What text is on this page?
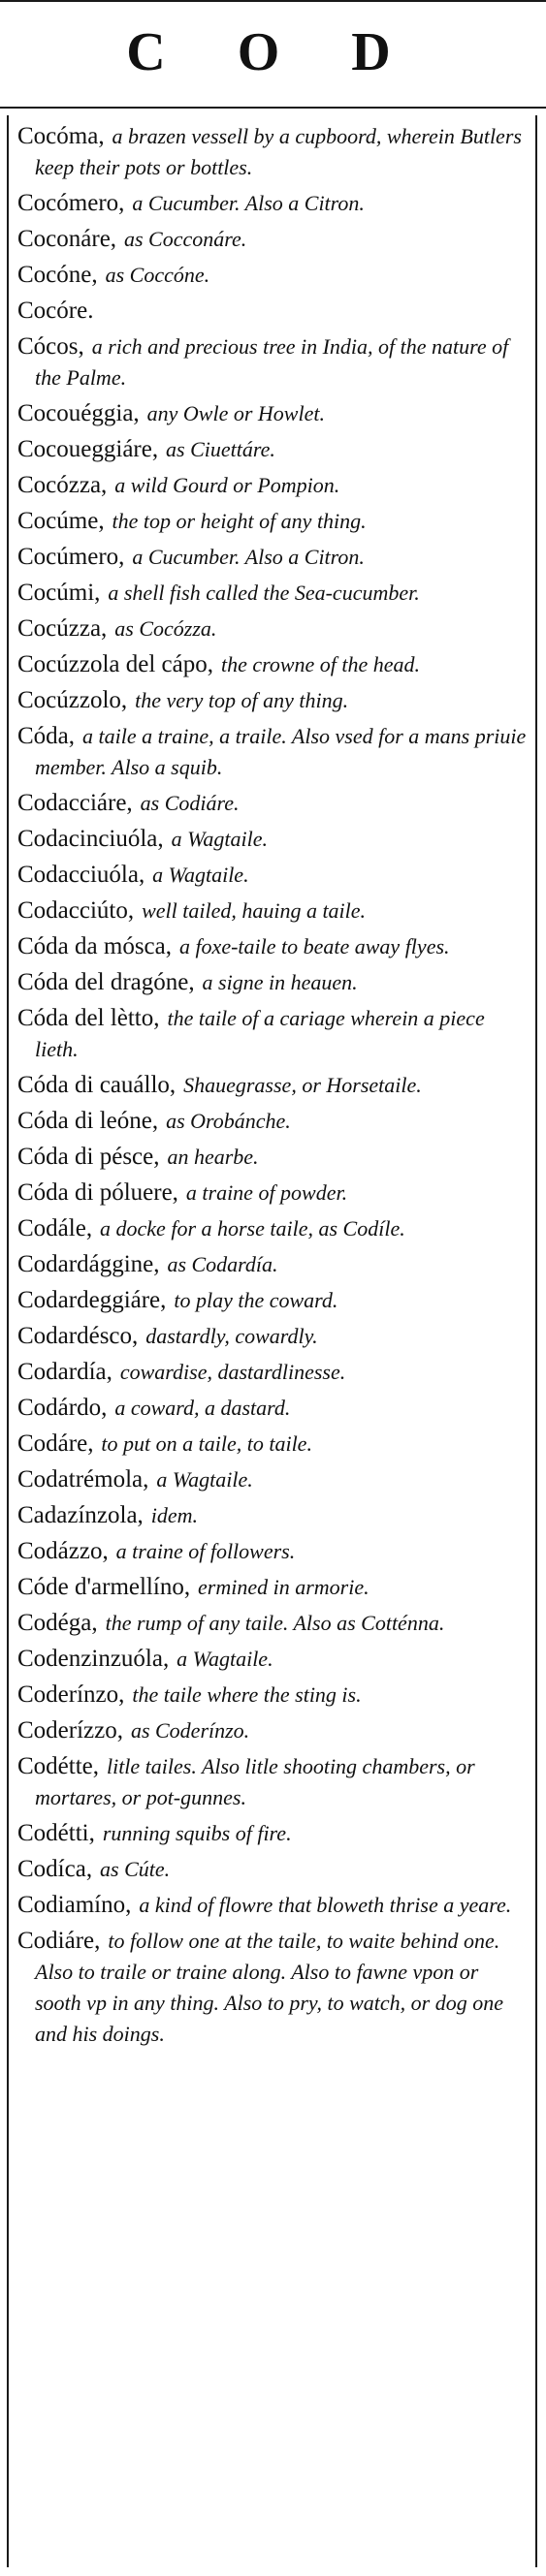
C O D

Cocóma, a brazen vessell by a cupboord, wherein Butlers keep their pots or bottles.

Cocómero, a Cucumber. Also a Citron.

Coconáre, as Cocconáre.

Cocóne, as Coccóne.

Cocóre.

Cócos, a rich and precious tree in India, of the nature of the Palme.

Cocouéggia, any Owle or Howlet.

Cocoueggiáre, as Ciuettáre.

Cocózza, a wild Gourd or Pompion.

Cocúme, the top or height of any thing.

Cocúmero, a Cucumber. Also a Citron.

Cocúmi, a shell fish called the Sea-cucumber.

Cocúzza, as Cocózza.

Cocúzzola del cápo, the crowne of the head.

Cocúzzolo, the very top of any thing.

Códa, a taile a traine, a traile. Also vsed for a mans priuie member. Also a squib.

Codacciáre, as Codiáre.

Codacinciuóla, a Wagtaile.

Codacciuóla, a Wagtaile.

Codacciúto, well tailed, hauing a taile.

Códa da mósca, a foxe-taile to beate away flyes.

Códa del dragóne, a signe in heauen.

Códa del lètto, the taile of a cariage wherein a piece lieth.

Códa di cauállo, Shauegrasse, or Horsetaile.

Códa di leóne, as Orobánche.

Códa di pésce, an hearbe.

Códa di póluere, a traine of powder.

Codále, a docke for a horse taile, as Codíle.

Codardággine, as Codardía.

Codardeggiáre, to play the coward.

Codardésco, dastardly, cowardly.

Codardía, cowardise, dastardlinesse.

Codárdo, a coward, a dastard.

Codáre, to put on a taile, to taile.

Codatrémola, a Wagtaile.

Cadazínzola, idem.

Codázzo, a traine of followers.

Códe d'armellíno, ermined in armorie.

Codéga, the rump of any taile. Also as Cotténna.

Codenzinzuóla, a Wagtaile.

Coderínzo, the taile where the sting is.

Coderízzo, as Coderínzo.

Codétte, litle tailes. Also litle shooting chambers, or mortares, or pot-gunnes.

Codétti, running squibs of fire.

Codíca, as Cúte.

Codiamíno, a kind of flowre that bloweth thrise a yeare.

Codiáre, to follow one at the taile, to waite behind one. Also to traile or traine along. Also to fawne vpon or sooth vp in any thing. Also to pry, to watch, or dog one and his doings.
